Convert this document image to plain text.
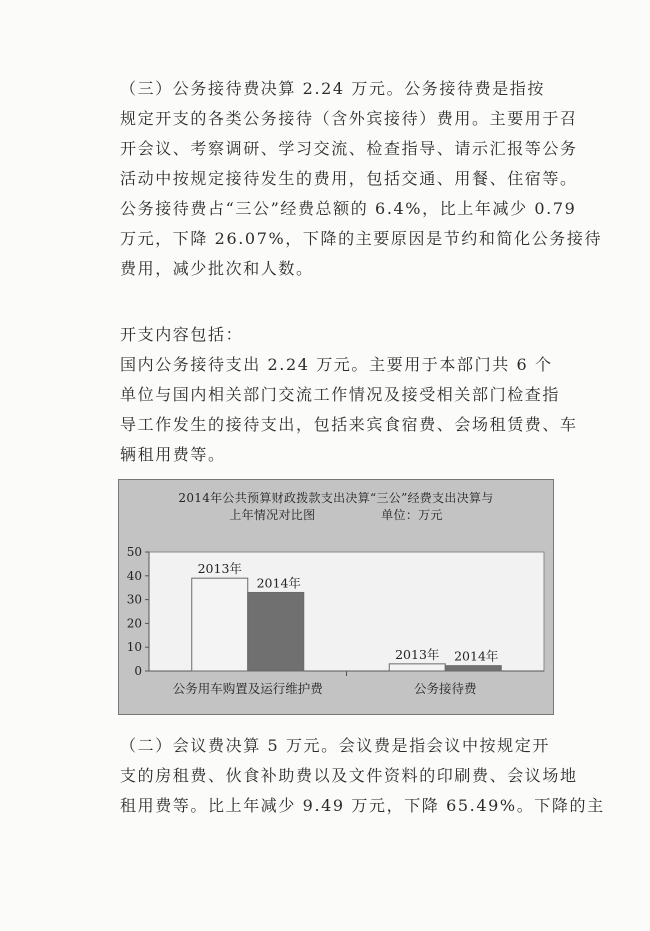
（三）公务接待费决算 2.24 万元。公务接待费是指按
规定开支的各类公务接待（含外宾接待）费用。主要用于召
开会议、考察调研、学习交流、检查指导、请示汇报等公务
活动中按规定接待发生的费用，包括交通、用餐、住宿等。
公务接待费占“三公”经费总额的 6.4%，比上年减少 0.79
万元，下降 26.07%，下降的主要原因是节约和简化公务接待
费用，减少批次和人数。
开支内容包括：
国内公务接待支出 2.24 万元。主要用于本部门共 6 个
单位与国内相关部门交流工作情况及接受相关部门检查指
导工作发生的接待支出，包括来宾食宿费、会场租赁费、车
辆租用费等。
2014年公共预算财政拨款支出决算“三公”经费支出决算与
上年情况对比图                单位：万元
0
10
20
30
40
50
2013年
2014年
公务用车购置及运行维护费
2013年 2014年
公务接待费
（二）会议费决算 5 万元。会议费是指会议中按规定开
支的房租费、伙食补助费以及文件资料的印刷费、会议场地
租用费等。比上年减少 9.49 万元，下降 65.49%。下降的主
